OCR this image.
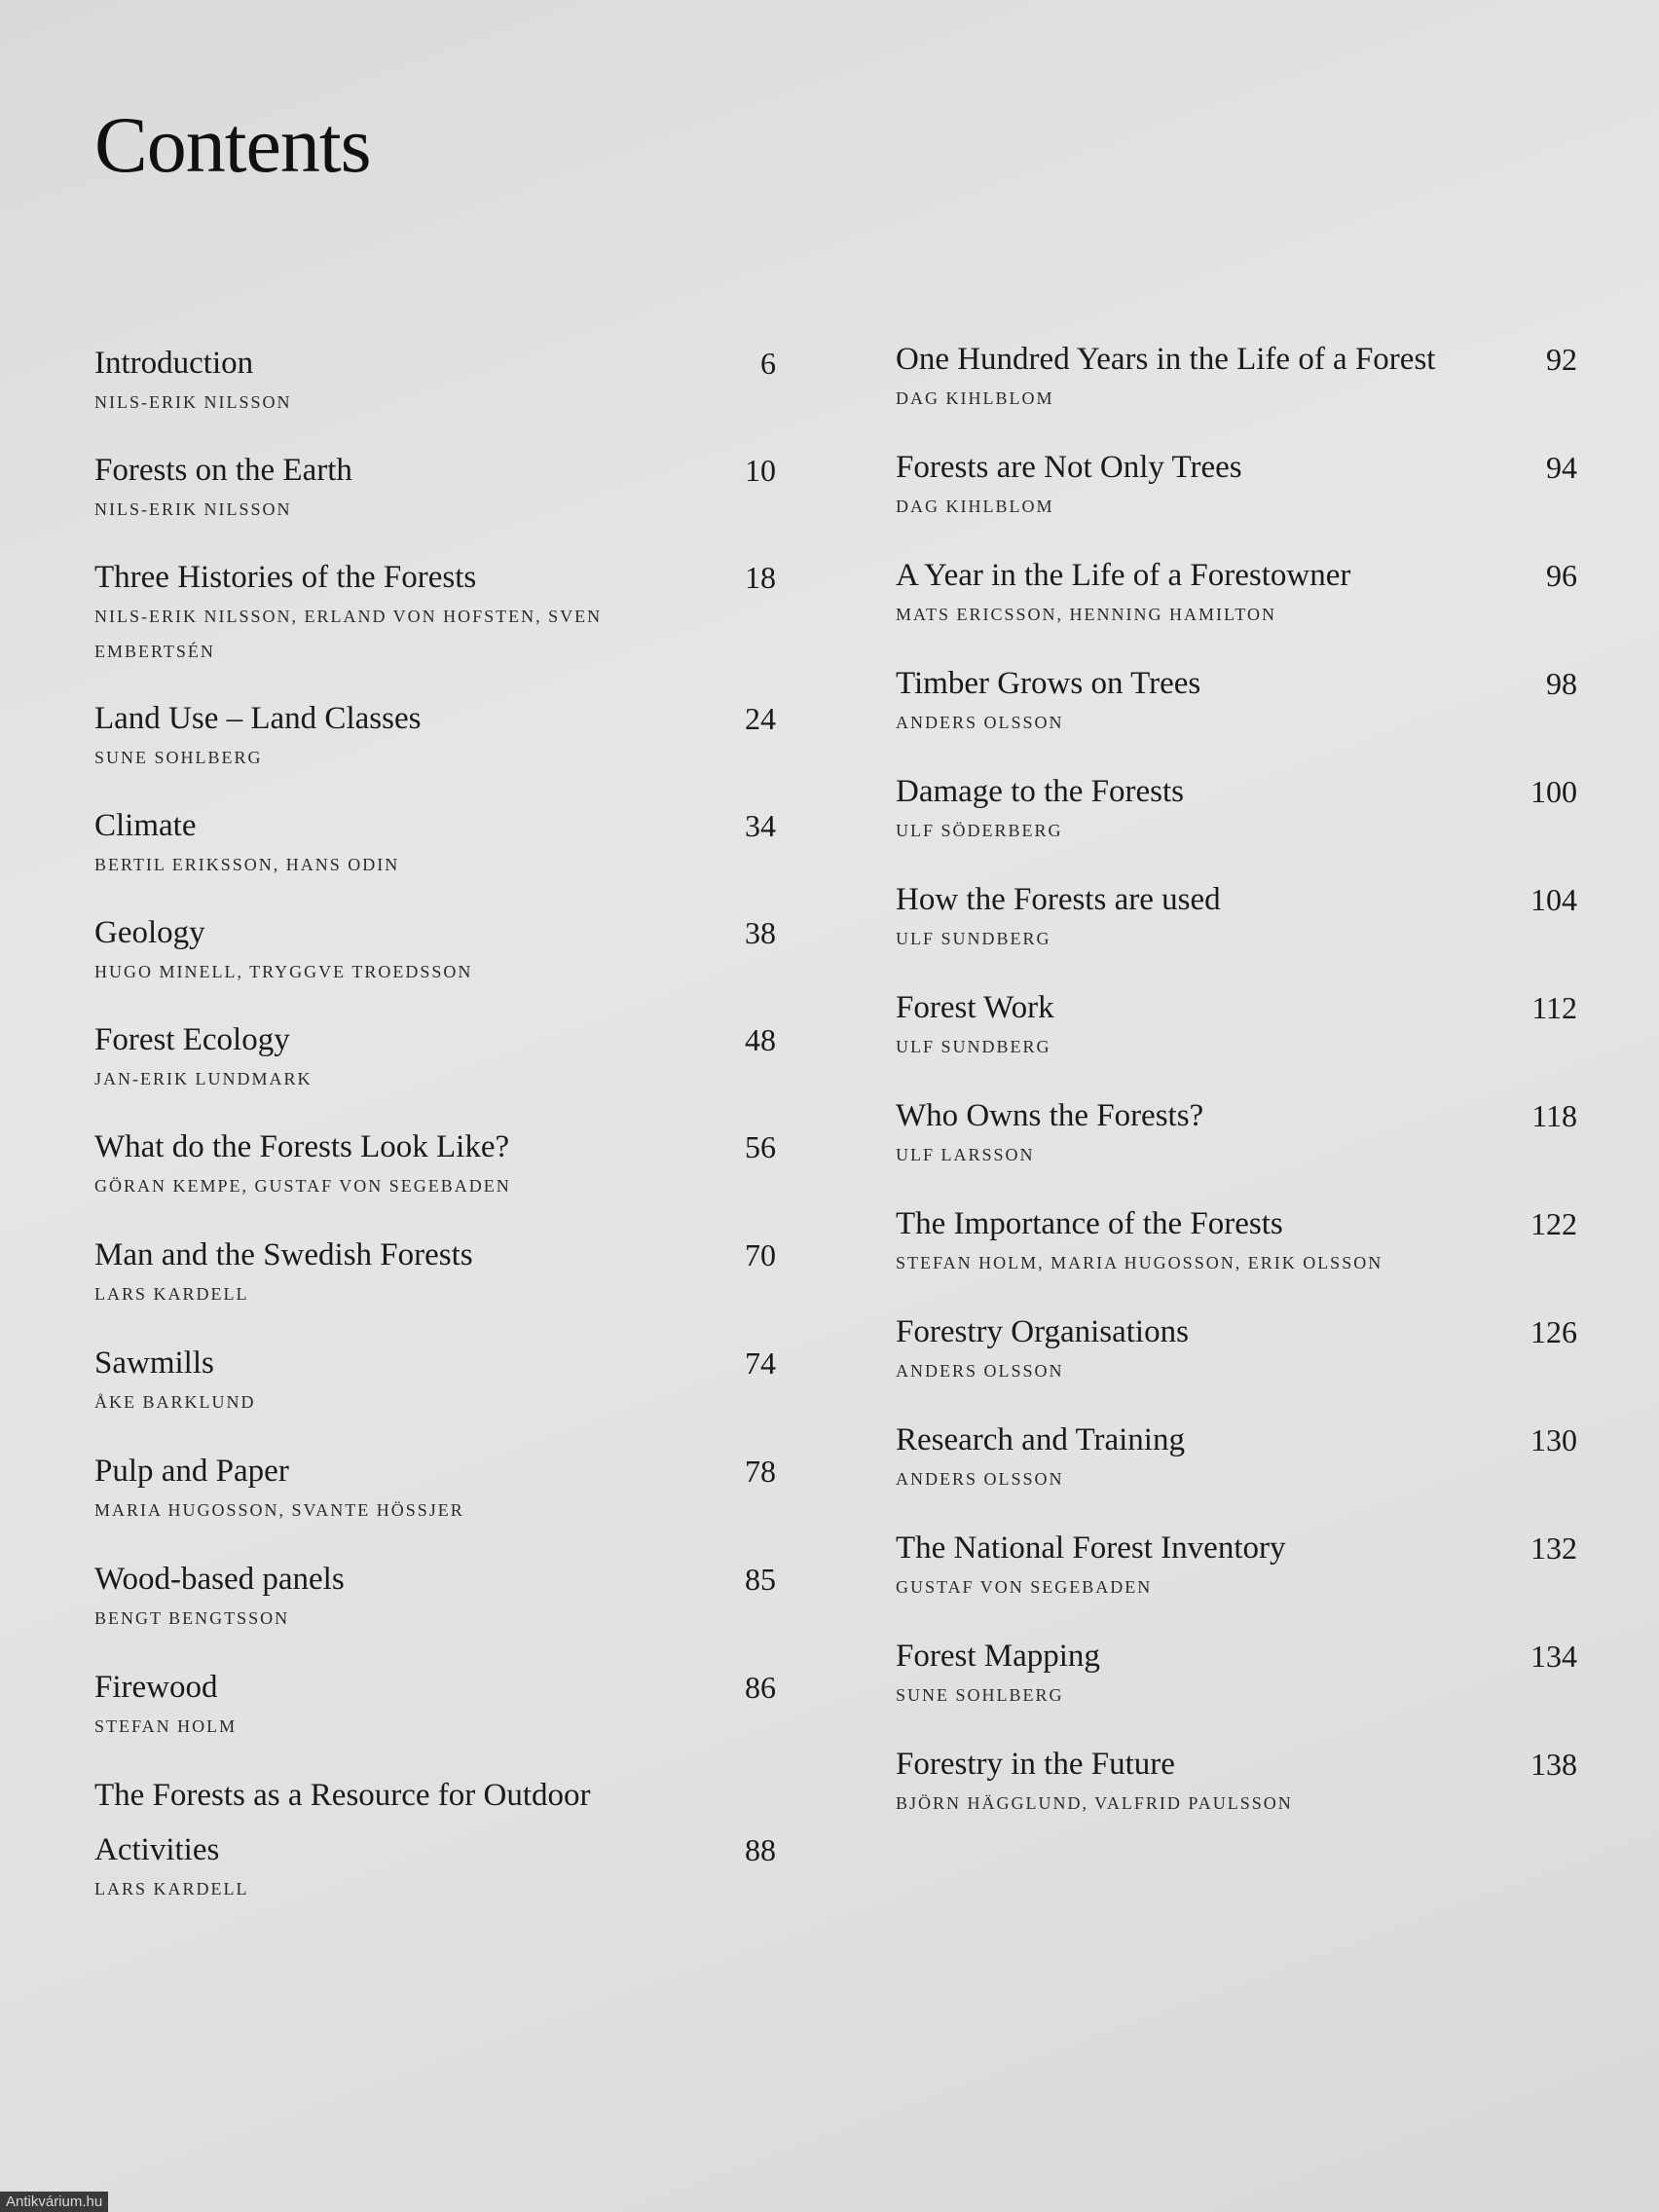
Contents
Introduction	6
NILS-ERIK NILSSON
Forests on the Earth	10
NILS-ERIK NILSSON
Three Histories of the Forests	18
NILS-ERIK NILSSON, ERLAND VON HOFSTEN, SVEN EMBERTSÉN
Land Use – Land Classes	24
SUNE SOHLBERG
Climate	34
BERTIL ERIKSSON, HANS ODIN
Geology	38
HUGO MINELL, TRYGGVE TROEDSSON
Forest Ecology	48
JAN-ERIK LUNDMARK
What do the Forests Look Like?	56
GÖRAN KEMPE, GUSTAF VON SEGEBADEN
Man and the Swedish Forests	70
LARS KARDELL
Sawmills	74
ÅKE BARKLUND
Pulp and Paper	78
MARIA HUGOSSON, SVANTE HÖSSJER
Wood-based panels	85
BENGT BENGTSSON
Firewood	86
STEFAN HOLM
The Forests as a Resource for Outdoor Activities	88
LARS KARDELL
One Hundred Years in the Life of a Forest	92
DAG KIHLBLOM
Forests are Not Only Trees	94
DAG KIHLBLOM
A Year in the Life of a Forestowner	96
MATS ERICSSON, HENNING HAMILTON
Timber Grows on Trees	98
ANDERS OLSSON
Damage to the Forests	100
ULF SÖDERBERG
How the Forests are used	104
ULF SUNDBERG
Forest Work	112
ULF SUNDBERG
Who Owns the Forests?	118
ULF LARSSON
The Importance of the Forests	122
STEFAN HOLM, MARIA HUGOSSON, ERIK OLSSON
Forestry Organisations	126
ANDERS OLSSON
Research and Training	130
ANDERS OLSSON
The National Forest Inventory	132
GUSTAF VON SEGEBADEN
Forest Mapping	134
SUNE SOHLBERG
Forestry in the Future	138
BJÖRN HÄGGLUND, VALFRID PAULSSON
Antikvárium.hu
